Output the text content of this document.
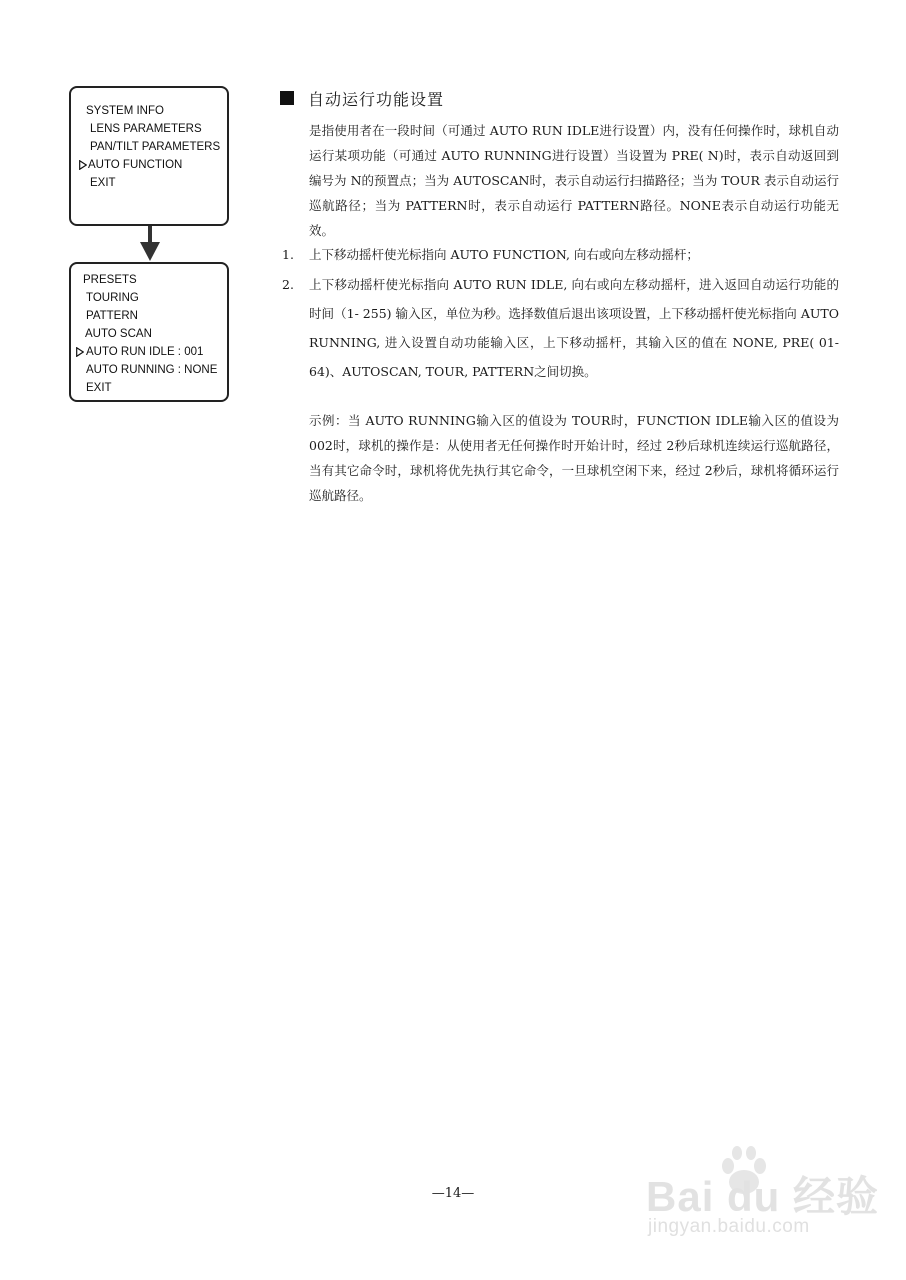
SYSTEM INFO
LENS PARAMETERS
PAN/TILT PARAMETERS
AUTO FUNCTION
EXIT
PRESETS
TOURING
PATTERN
AUTO SCAN
AUTO RUN IDLE : 001
AUTO RUNNING : NONE
EXIT
自动运行功能设置

是指使用者在一段时间（可通过 AUTO RUN IDLE进行设置）内，没有任何操作时，球机自动运行某项功能（可通过 AUTO RUNNING进行设置）当设置为 PRE( N)时，表示自动返回到编号为 N的预置点；当为 AUTOSCAN时，表示自动运行扫描路径；当为 TOUR 表示自动运行巡航路径；当为 PATTERN时，表示自动运行 PATTERN路径。NONE表示自动运行功能无效。

1. 上下移动摇杆使光标指向 AUTO FUNCTION, 向右或向左移动摇杆；
2. 上下移动摇杆使光标指向 AUTO RUN IDLE, 向右或向左移动摇杆，进入返回自动运行功能的时间（1- 255) 输入区，单位为秒。选择数值后退出该项设置，上下移动摇杆使光标指向 AUTO RUNNING, 进入设置自动功能输入区，上下移动摇杆，其输入区的值在 NONE, PRE( 01- 64)、AUTOSCAN, TOUR, PATTERN之间切换。

示例：当 AUTO RUNNING输入区的值设为 TOUR时，FUNCTION IDLE输入区的值设为 002时，球机的操作是：从使用者无任何操作时开始计时，经过 2秒后球机连续运行巡航路径，当有其它命令时，球机将优先执行其它命令，一旦球机空闲下来，经过 2秒后，球机将循环运行巡航路径。

—14—	Bai du 经验
jingyan.baidu.com
